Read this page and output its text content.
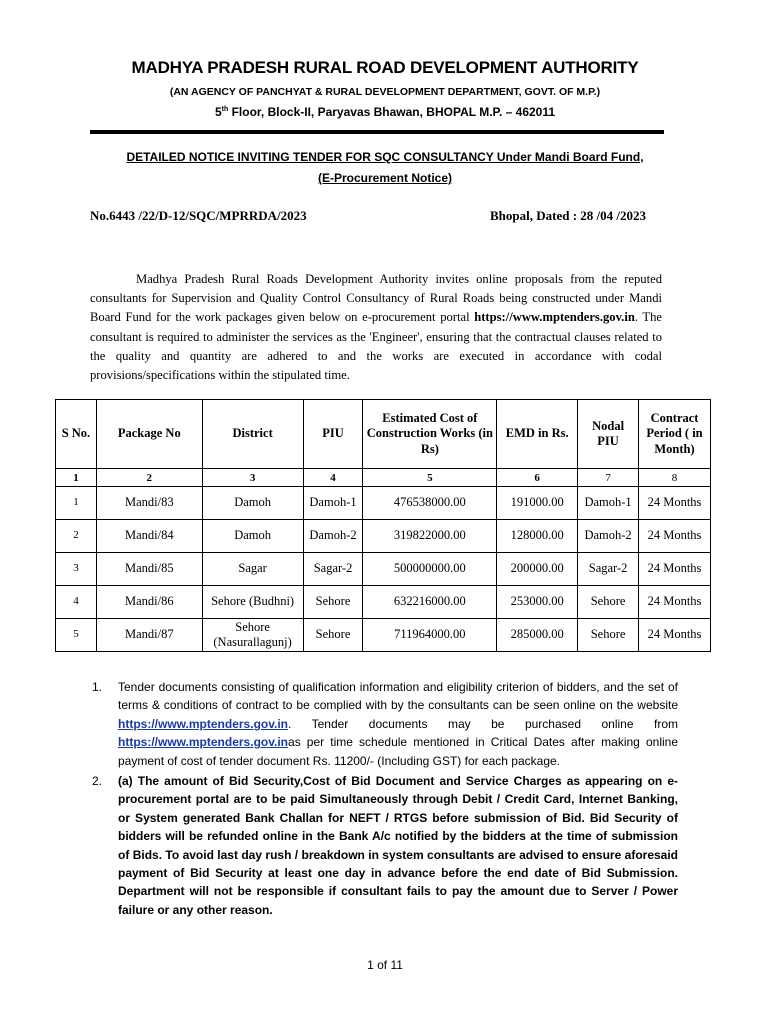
MADHYA PRADESH RURAL ROAD DEVELOPMENT AUTHORITY
(AN AGENCY OF PANCHYAT & RURAL DEVELOPMENT DEPARTMENT, GOVT. OF M.P.)
5th Floor, Block-II, Paryavas Bhawan, BHOPAL M.P. – 462011
DETAILED NOTICE INVITING TENDER FOR SQC CONSULTANCY Under Mandi Board Fund,
(E-Procurement Notice)
No.6443 /22/D-12/SQC/MPRRDA/2023	Bhopal, Dated : 28 /04 /2023
Madhya Pradesh Rural Roads Development Authority invites online proposals from the reputed consultants for Supervision and Quality Control Consultancy of Rural Roads being constructed under Mandi Board Fund for the work packages given below on e-procurement portal https://www.mptenders.gov.in. The consultant is required to administer the services as the 'Engineer', ensuring that the contractual clauses related to the quality and quantity are adhered to and the works are executed in accordance with codal provisions/specifications within the stipulated time.
S No.	Package No	District	PIU	Estimated Cost of Construction Works (in Rs)	EMD in Rs.	Nodal PIU	Contract Period ( in Month)
1	2	3	4	5	6	7	8
1	Mandi/83	Damoh	Damoh-1	476538000.00	191000.00	Damoh-1	24 Months
2	Mandi/84	Damoh	Damoh-2	319822000.00	128000.00	Damoh-2	24 Months
3	Mandi/85	Sagar	Sagar-2	500000000.00	200000.00	Sagar-2	24 Months
4	Mandi/86	Sehore (Budhni)	Sehore	632216000.00	253000.00	Sehore	24 Months
5	Mandi/87	Sehore (Nasurallagunj)	Sehore	711964000.00	285000.00	Sehore	24 Months
1. Tender documents consisting of qualification information and eligibility criterion of bidders, and the set of terms & conditions of contract to be complied with by the consultants can be seen online on the website https://www.mptenders.gov.in. Tender documents may be purchased online from https://www.mptenders.gov.inas per time schedule mentioned in Critical Dates after making online payment of cost of tender document Rs. 11200/- (Including GST) for each package.
2. (a) The amount of Bid Security,Cost of Bid Document and Service Charges as appearing on e-procurement portal are to be paid Simultaneously through Debit / Credit Card, Internet Banking, or System generated Bank Challan for NEFT / RTGS before submission of Bid. Bid Security of bidders will be refunded online in the Bank A/c notified by the bidders at the time of submission of Bids. To avoid last day rush / breakdown in system consultants are advised to ensure aforesaid payment of Bid Security at least one day in advance before the end date of Bid Submission. Department will not be responsible if consultant fails to pay the amount due to Server / Power failure or any other reason.
1 of 11
